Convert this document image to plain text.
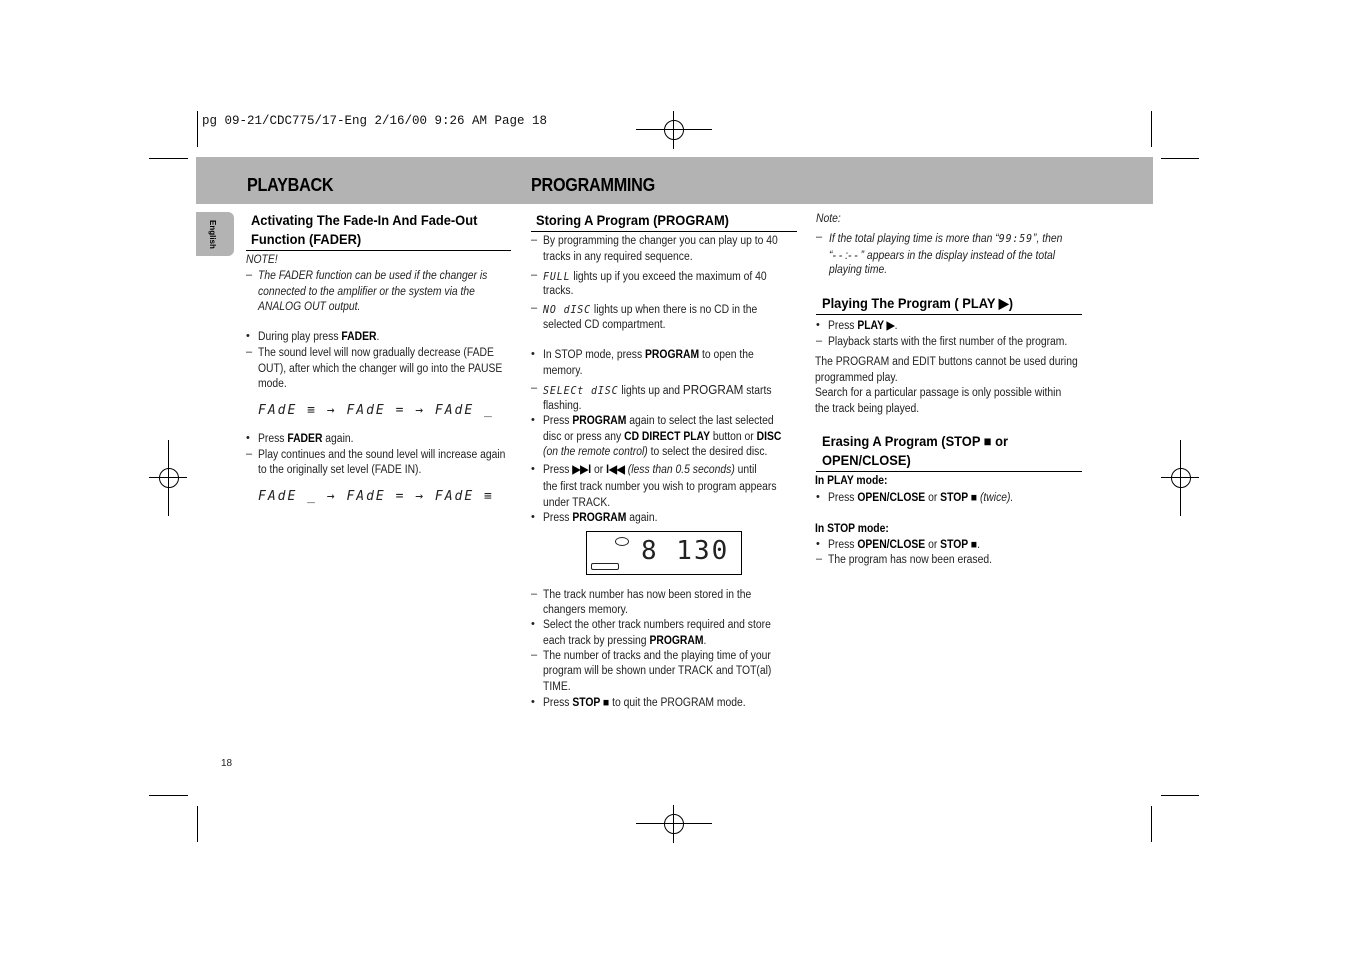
pg 09-21/CDC775/17-Eng 2/16/00 9:26 AM Page 18
PLAYBACK	PROGRAMMING
English Activating The Fade-In And Fade-Out
Function (FADER)
NOTE!
– The FADER function can be used if the changer is
connected to the amplifier or the system via the
ANALOG OUT output.
• During play press FADER.
– The sound level will now gradually decrease (FADE
OUT), after which the changer will go into the PAUSE
mode.
FAdE ≡ → FAdE = → FAdE _
• Press FADER again.
– Play continues and the sound level will increase again
to the originally set level (FADE IN).
FAdE _ → FAdE = → FAdE ≡
Storing A Program (PROGRAM)
– By programming the changer you can play up to 40
tracks in any required sequence.
– FULL lights up if you exceed the maximum of 40
tracks.
– NO dISC lights up when there is no CD in the
selected CD compartment.
• In STOP mode, press PROGRAM to open the
memory.
– SELECt dISC lights up and PROGRAM starts
flashing.
• Press PROGRAM again to select the last selected
disc or press any CD DIRECT PLAY button or DISC
(on the remote control) to select the desired disc.
• Press ▶▶I or I◀◀ (less than 0.5 seconds) until
the first track number you wish to program appears
under TRACK.
• Press PROGRAM again.
8 130
– The track number has now been stored in the
changers memory.
• Select the other track numbers required and store
each track by pressing PROGRAM.
– The number of tracks and the playing time of your
program will be shown under TRACK and TOT(al)
TIME.
• Press STOP ■ to quit the PROGRAM mode.
Note:
– If the total playing time is more than “99:59”, then
“- - :- - ” appears in the display instead of the total
playing time.
Playing The Program ( PLAY ▶)
• Press PLAY ▶.
– Playback starts with the first number of the program.
The PROGRAM and EDIT buttons cannot be used during
programmed play.
Search for a particular passage is only possible within
the track being played.
Erasing A Program (STOP ■ or
OPEN/CLOSE)
In PLAY mode:
• Press OPEN/CLOSE or STOP ■ (twice).
In STOP mode:
• Press OPEN/CLOSE or STOP ■.
– The program has now been erased.
18
